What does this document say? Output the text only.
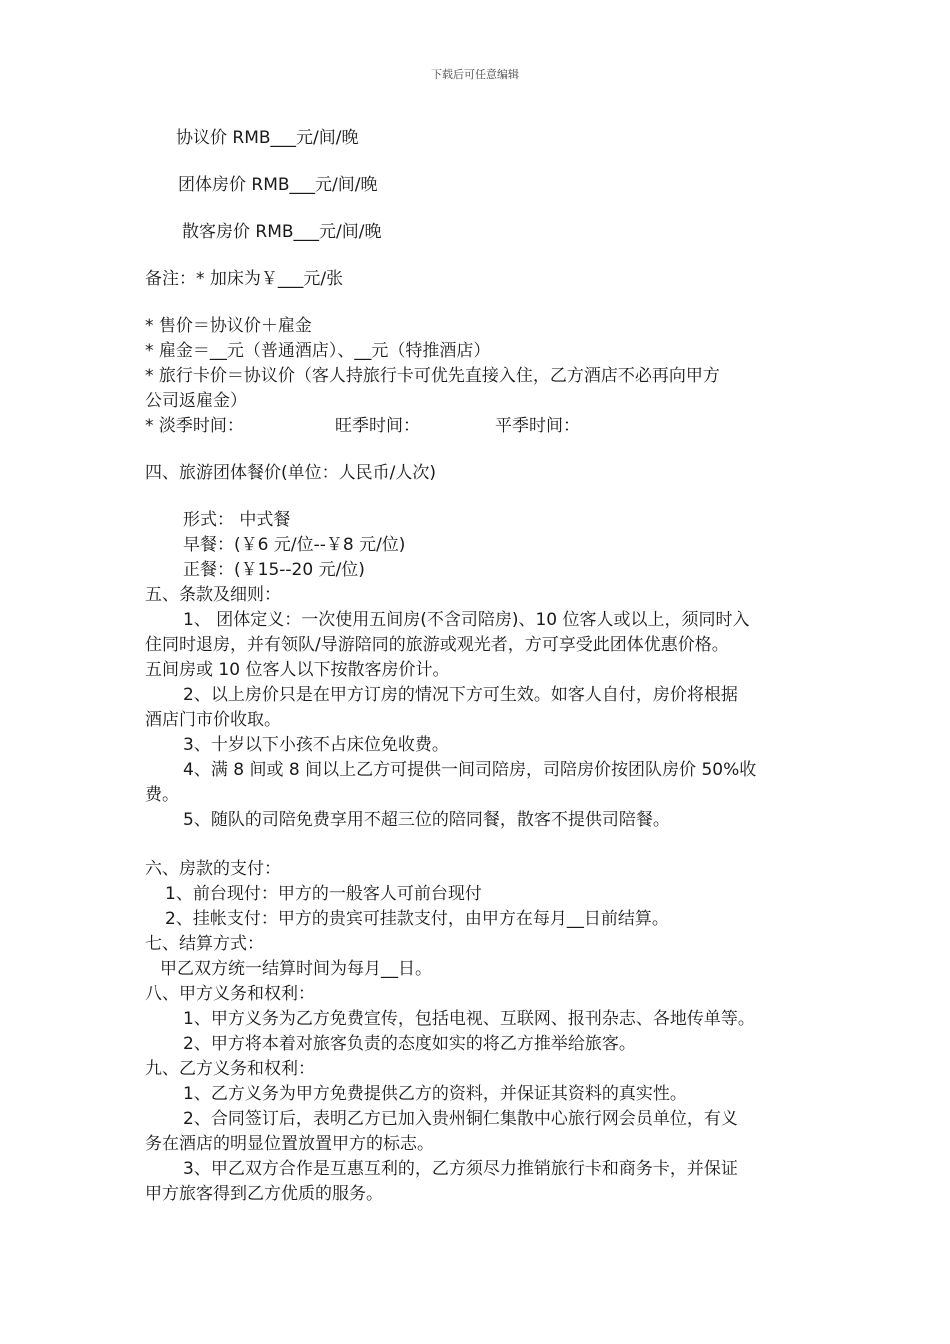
下载后可任意编辑
协议价 RMB___元/间/晚
团体房价 RMB___元/间/晚
散客房价 RMB___元/间/晚
备注：* 加床为￥___元/张
* 售价＝协议价＋雇金
* 雇金＝__元（普通酒店）、__元（特推酒店）
* 旅行卡价＝协议价（客人持旅行卡可优先直接入住，乙方酒店不必再向甲方
公司返雇金）
* 淡季时间：	旺季时间：	平季时间：
四、旅游团体餐价(单位：人民币/人次)
形式： 中式餐
早餐：(￥6 元/位--￥8 元/位)
正餐：(￥15--20 元/位)
五、条款及细则：
1、 团体定义：一次使用五间房(不含司陪房)、10 位客人或以上，须同时入
住同时退房，并有领队/导游陪同的旅游或观光者，方可享受此团体优惠价格。
五间房或 10 位客人以下按散客房价计。
2、以上房价只是在甲方订房的情况下方可生效。如客人自付，房价将根据
酒店门市价收取。
3、十岁以下小孩不占床位免收费。
4、满 8 间或 8 间以上乙方可提供一间司陪房，司陪房价按团队房价 50%收
费。
5、随队的司陪免费享用不超三位的陪同餐，散客不提供司陪餐。
六、房款的支付：
1、前台现付：甲方的一般客人可前台现付
2、挂帐支付：甲方的贵宾可挂款支付，由甲方在每月__日前结算。
七、结算方式：
甲乙双方统一结算时间为每月__日。
八、甲方义务和权利：
1、甲方义务为乙方免费宣传，包括电视、互联网、报刊杂志、各地传单等。
2、甲方将本着对旅客负责的态度如实的将乙方推举给旅客。
九、乙方义务和权利：
1、乙方义务为甲方免费提供乙方的资料，并保证其资料的真实性。
2、合同签订后，表明乙方已加入贵州铜仁集散中心旅行网会员单位，有义
务在酒店的明显位置放置甲方的标志。
3、甲乙双方合作是互惠互利的，乙方须尽力推销旅行卡和商务卡，并保证
甲方旅客得到乙方优质的服务。
